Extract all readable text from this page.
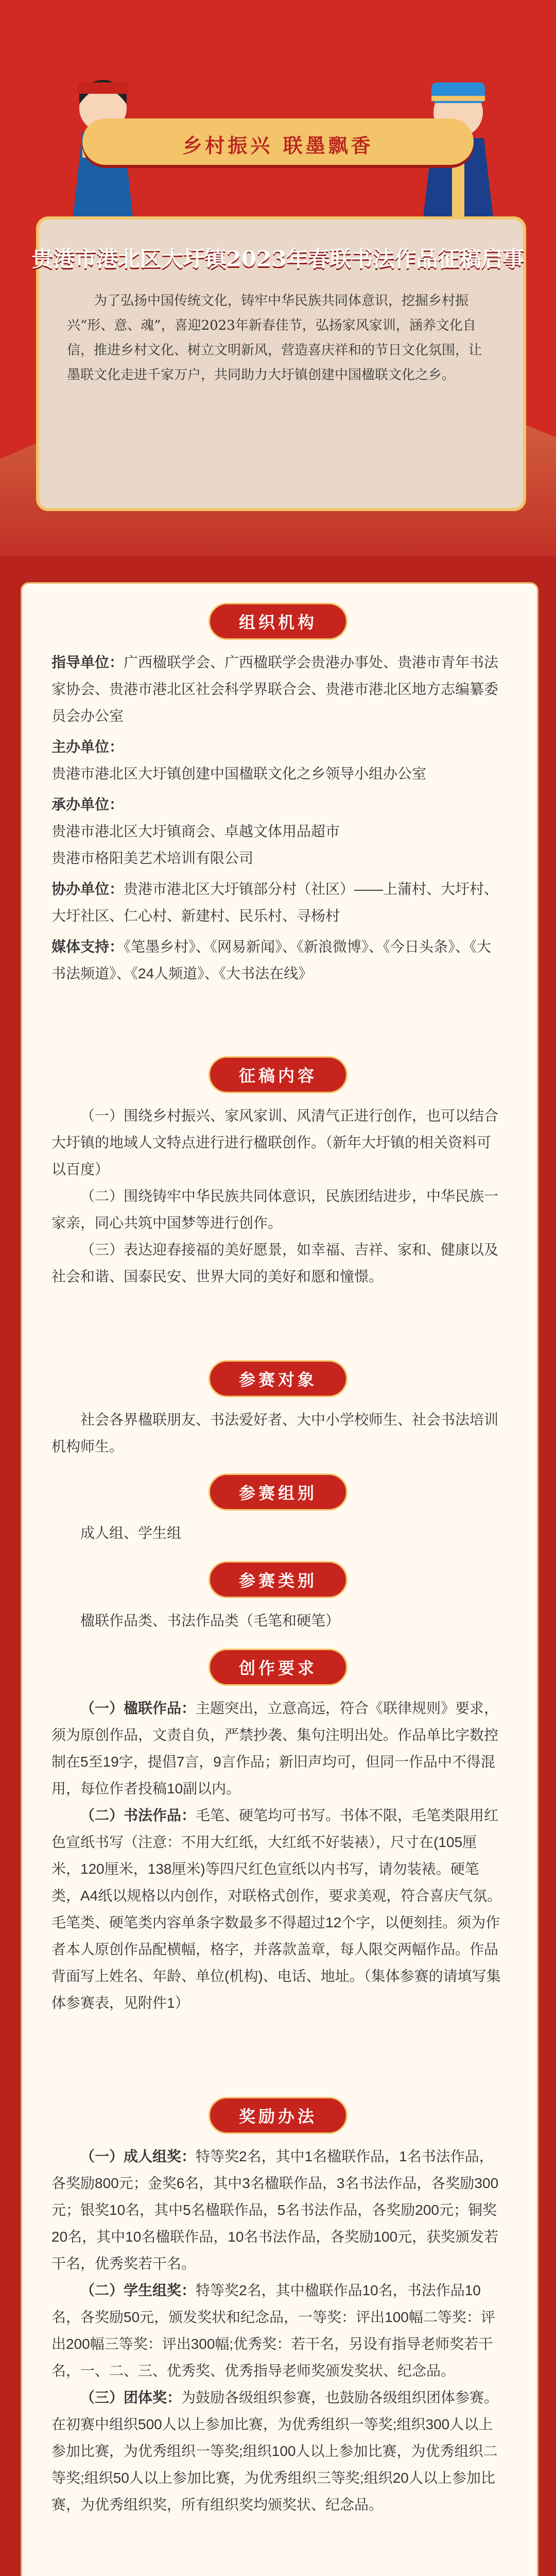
乡村振兴 联墨飘香
贵港市港北区大圩镇2023年春联书法作品征稿启事
为了弘扬中国传统文化，铸牢中华民族共同体意识，挖掘乡村振兴“形、意、魂”，喜迎2023年新春佳节，弘扬家风家训，涵养文化自信，推进乡村文化、树立文明新风，营造喜庆祥和的节日文化氛围，让墨联文化走进千家万户，共同助力大圩镇创建中国楹联文化之乡。
组织机构
指导单位：广西楹联学会、广西楹联学会贵港办事处、贵港市青年书法家协会、贵港市港北区社会科学界联合会、贵港市港北区地方志编纂委员会办公室
主办单位：
贵港市港北区大圩镇创建中国楹联文化之乡领导小组办公室
承办单位：
贵港市港北区大圩镇商会、卓越文体用品超市
贵港市格阳美艺术培训有限公司
协办单位：贵港市港北区大圩镇部分村（社区）——上蒲村、大圩村、大圩社区、仁心村、新建村、民乐村、寻杨村
媒体支持：《笔墨乡村》、《网易新闻》、《新浪微博》、《今日头条》、《大书法频道》、《24人频道》、《大书法在线》
征稿内容

（一）围绕乡村振兴、家风家训、风清气正进行创作，也可以结合大圩镇的地域人文特点进行进行楹联创作。（新年大圩镇的相关资料可以百度）

（二）围绕铸牢中华民族共同体意识，民族团结进步，中华民族一家亲，同心共筑中国梦等进行创作。

（三）表达迎春接福的美好愿景，如幸福、吉祥、家和、健康以及社会和谐、国泰民安、世界大同的美好和愿和憧憬。

参赛对象

社会各界楹联朋友、书法爱好者、大中小学校师生、社会书法培训机构师生。

参赛组别

成人组、学生组

参赛类别

楹联作品类、书法作品类（毛笔和硬笔）

创作要求

（一）楹联作品：主题突出，立意高远，符合《联律规则》要求，须为原创作品，文责自负，严禁抄袭、集句注明出处。作品单比字数控制在5至19字，提倡7言，9言作品；新旧声均可，但同一作品中不得混用，每位作者投稿10副以内。

（二）书法作品：毛笔、硬笔均可书写。书体不限，毛笔类限用红色宣纸书写（注意：不用大红纸，大红纸不好装裱），尺寸在(105厘米，120厘米，138厘米)等四尺红色宣纸以内书写，请勿装裱。硬笔类，A4纸以规格以内创作，对联格式创作，要求美观，符合喜庆气氛。毛笔类、硬笔类内容单条字数最多不得超过12个字，以便刻挂。须为作者本人原创作品配横幅，格字，并落款盖章，每人限交两幅作品。作品背面写上姓名、年龄、单位(机构)、电话、地址。（集体参赛的请填写集体参赛表，见附件1）

奖励办法

（一）成人组奖：特等奖2名，其中1名楹联作品，1名书法作品，各奖励800元；金奖6名，其中3名楹联作品，3名书法作品，各奖励300元；银奖10名，其中5名楹联作品，5名书法作品，各奖励200元；铜奖20名，其中10名楹联作品，10名书法作品，各奖励100元，获奖颁发若干名，优秀奖若干名。

（二）学生组奖：特等奖2名，其中楹联作品10名，书法作品10名，各奖励50元，颁发奖状和纪念品，一等奖：评出100幅二等奖：评出200幅三等奖：评出300幅;优秀奖：若干名，另设有指导老师奖若干名，一、二、三、优秀奖、优秀指导老师奖颁发奖状、纪念品。

（三）团体奖：为鼓励各级组织参赛，也鼓励各级组织团体参赛。在初赛中组织500人以上参加比赛，为优秀组织一等奖;组织300人以上参加比赛，为优秀组织一等奖;组织100人以上参加比赛，为优秀组织二等奖;组织50人以上参加比赛，为优秀组织三等奖;组织20人以上参加比赛，为优秀组织奖，所有组织奖均颁奖状、纪念品。
